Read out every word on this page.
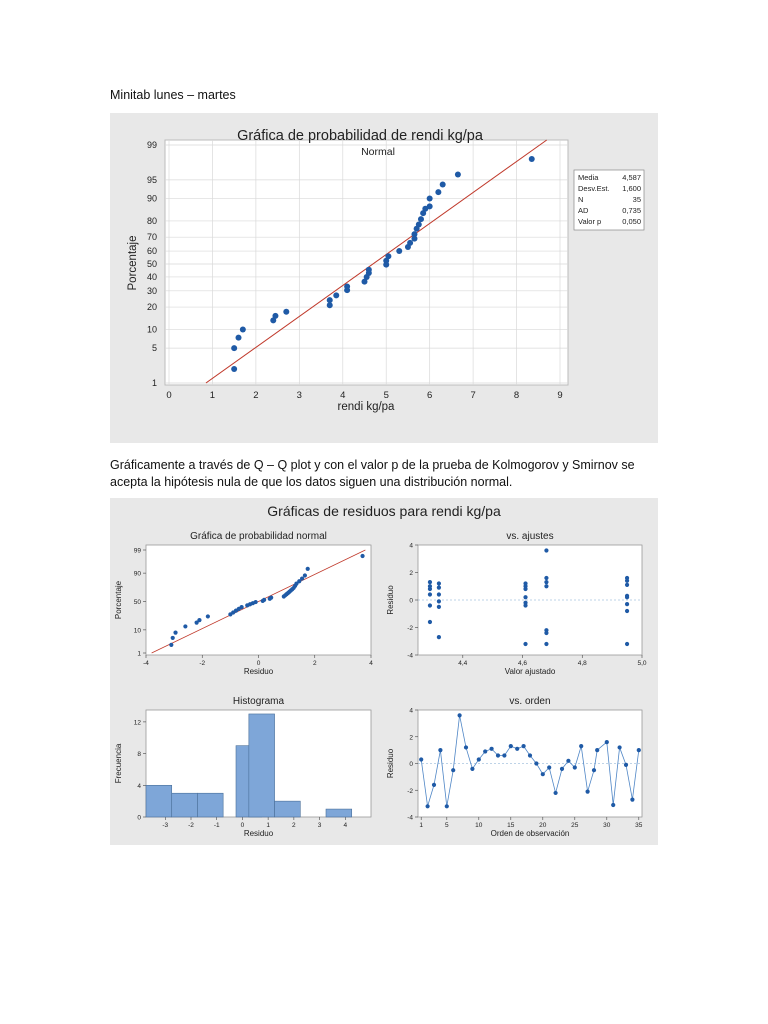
Minitab lunes – martes
Gráficamente a través de Q – Q plot y con el valor p de la prueba de Kolmogorov y Smirnov se
acepta la hipótesis nula de que los datos siguen una distribución normal.
1
5
10
20
30
40
50
60
70
80
90
95
99
0	1	2	3	4	5	6	7	8	9
Gráfica de probabilidad de rendi kg/pa
Normal
rendi kg/pa
Porcentaje
Media	4,587
Desv.Est. 1,600
N	35
AD	0,735
Valor p	0,050
Gráficas de residuos para rendi kg/pa
Gráfica de probabilidad normal
Residuo
Porcentaje
1
10
50
90
99
-4	-2	0	2	4
vs. ajustes
Valor ajustado
Residuo
-4
-2
0
2
4
4,4	4,6	4,8	5,0
Histograma
Residuo
Frecuencia
0
4
8
12
-3	-2	-1	0	1	2	3	4
vs. orden
Orden de observación
Residuo
-4
-2
0
2
4
1	5	10	15	20	25	30	35
